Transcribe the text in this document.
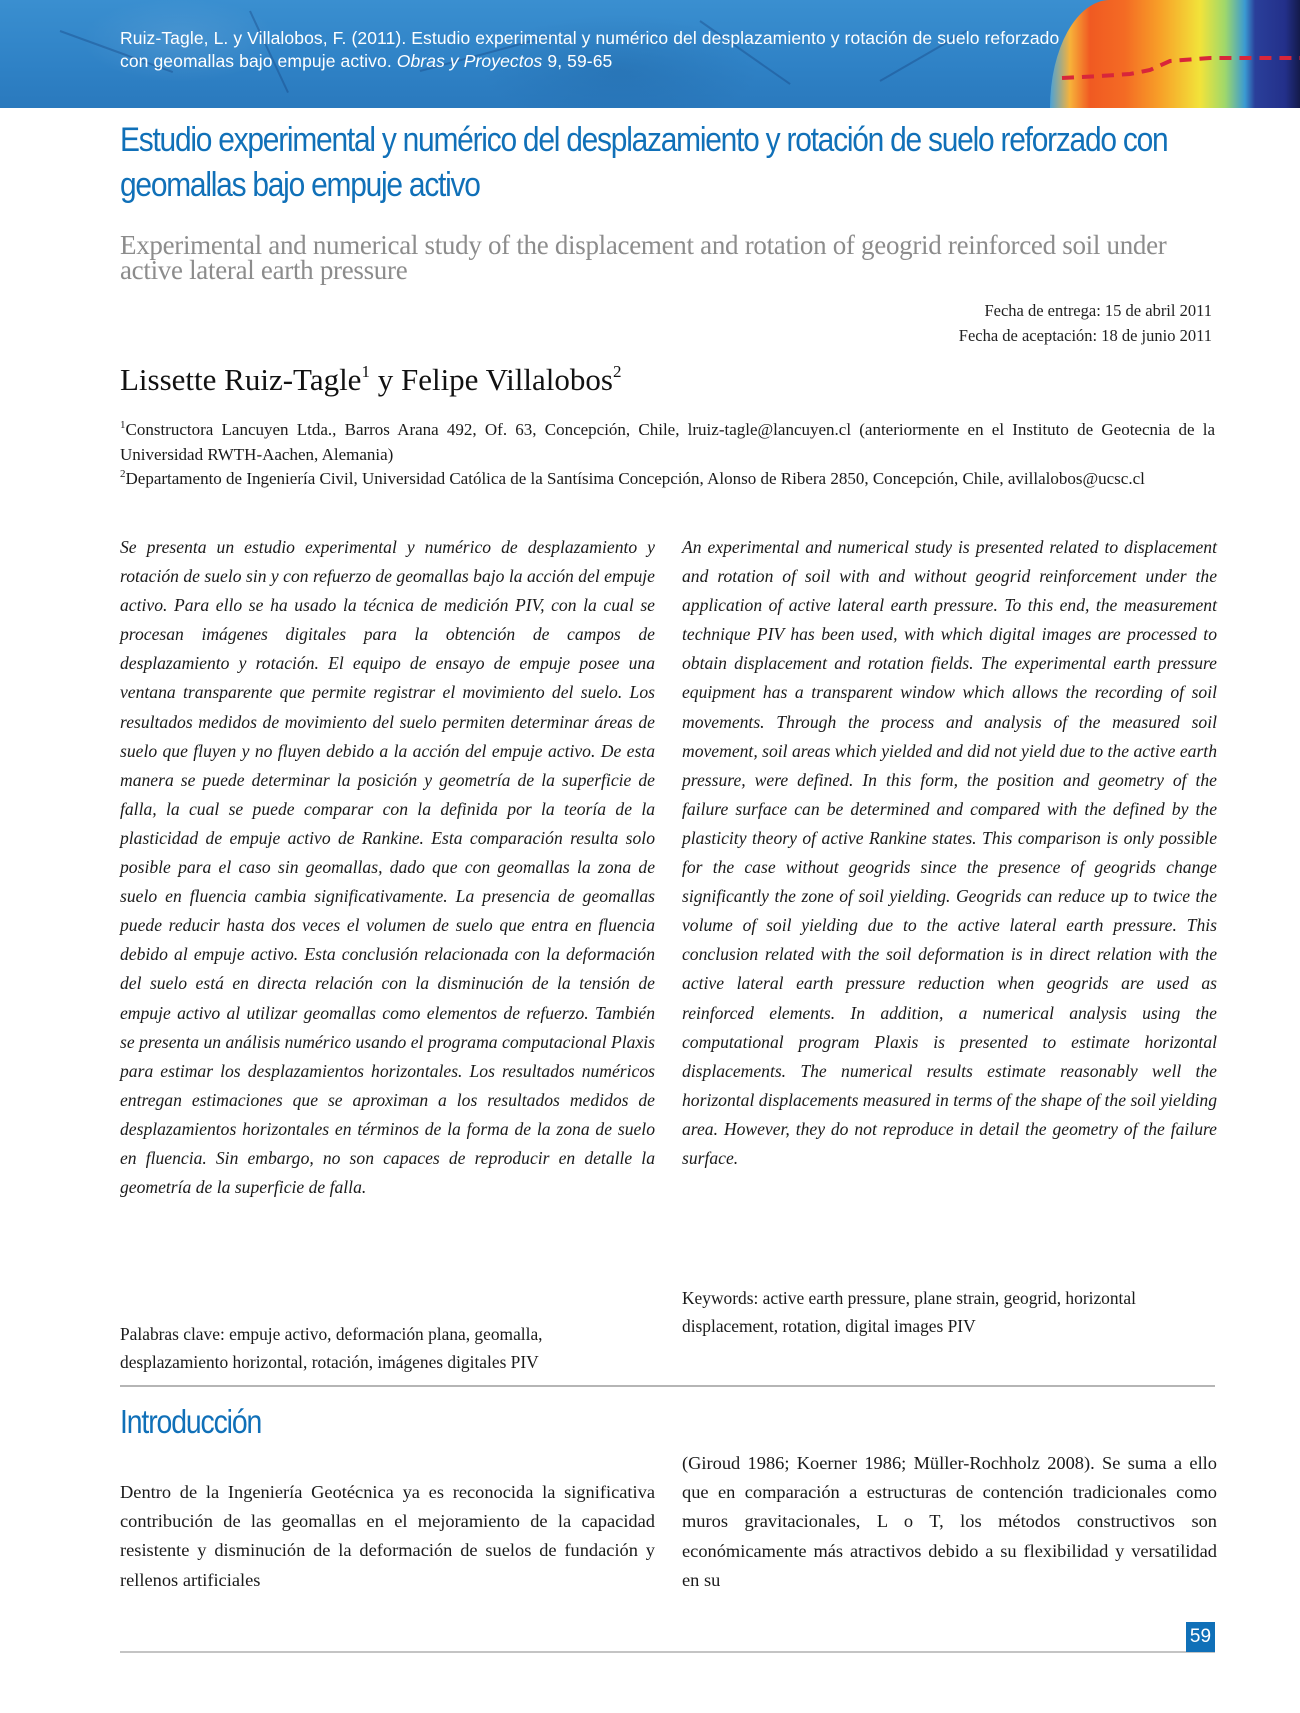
Ruiz-Tagle, L. y Villalobos, F. (2011). Estudio experimental y numérico del desplazamiento y rotación de suelo reforzado con geomallas bajo empuje activo. Obras y Proyectos 9, 59-65
Estudio experimental y numérico del desplazamiento y rotación de suelo reforzado con geomallas bajo empuje activo
Experimental and numerical study of the displacement and rotation of geogrid reinforced soil under active lateral earth pressure
Fecha de entrega: 15 de abril 2011
Fecha de aceptación: 18 de junio 2011
Lissette Ruiz-Tagle$^1$ y Felipe Villalobos$^2$
$^1$Constructora Lancuyen Ltda., Barros Arana 492, Of. 63, Concepción, Chile, lruiz-tagle@lancuyen.cl (anteriormente en el Instituto de Geotecnia de la Universidad RWTH-Aachen, Alemania)
$^2$Departamento de Ingeniería Civil, Universidad Católica de la Santísima Concepción, Alonso de Ribera 2850, Concepción, Chile, avillalobos@ucsc.cl

Se presenta un estudio experimental y numérico de desplazamiento y rotación de suelo sin y con refuerzo de geomallas bajo la acción del empuje activo. Para ello se ha usado la técnica de medición PIV, con la cual se procesan imágenes digitales para la obtención de campos de desplazamiento y rotación. El equipo de ensayo de empuje posee una ventana transparente que permite registrar el movimiento del suelo. Los resultados medidos de movimiento del suelo permiten determinar áreas de suelo que fluyen y no fluyen debido a la acción del empuje activo. De esta manera se puede determinar la posición y geometría de la superficie de falla, la cual se puede comparar con la definida por la teoría de la plasticidad de empuje activo de Rankine. Esta comparación resulta solo posible para el caso sin geomallas, dado que con geomallas la zona de suelo en fluencia cambia significativamente. La presencia de geomallas puede reducir hasta dos veces el volumen de suelo que entra en fluencia debido al empuje activo. Esta conclusión relacionada con la deformación del suelo está en directa relación con la disminución de la tensión de empuje activo al utilizar geomallas como elementos de refuerzo. También se presenta un análisis numérico usando el programa computacional Plaxis para estimar los desplazamientos horizontales. Los resultados numéricos entregan estimaciones que se aproximan a los resultados medidos de desplazamientos horizontales en términos de la forma de la zona de suelo en fluencia. Sin embargo, no son capaces de reproducir en detalle la geometría de la superficie de falla.

An experimental and numerical study is presented related to displacement and rotation of soil with and without geogrid reinforcement under the application of active lateral earth pressure. To this end, the measurement technique PIV has been used, with which digital images are processed to obtain displacement and rotation fields. The experimental earth pressure equipment has a transparent window which allows the recording of soil movements. Through the process and analysis of the measured soil movement, soil areas which yielded and did not yield due to the active earth pressure, were defined. In this form, the position and geometry of the failure surface can be determined and compared with the defined by the plasticity theory of active Rankine states. This comparison is only possible for the case without geogrids since the presence of geogrids change significantly the zone of soil yielding. Geogrids can reduce up to twice the volume of soil yielding due to the active lateral earth pressure. This conclusion related with the soil deformation is in direct relation with the active lateral earth pressure reduction when geogrids are used as reinforced elements. In addition, a numerical analysis using the computational program Plaxis is presented to estimate horizontal displacements. The numerical results estimate reasonably well the horizontal displacements measured in terms of the shape of the soil yielding area. However, they do not reproduce in detail the geometry of the failure surface.

Palabras clave: empuje activo, deformación plana, geomalla, desplazamiento horizontal, rotación, imágenes digitales PIV

Keywords: active earth pressure, plane strain, geogrid, horizontal displacement, rotation, digital images PIV

Introducción

Dentro de la Ingeniería Geotécnica ya es reconocida la significativa contribución de las geomallas en el mejoramiento de la capacidad resistente y disminución de la deformación de suelos de fundación y rellenos artificiales

(Giroud 1986; Koerner 1986; Müller-Rochholz 2008). Se suma a ello que en comparación a estructuras de contención tradicionales como muros gravitacionales, L o T, los métodos constructivos son económicamente más atractivos debido a su flexibilidad y versatilidad en su

59
